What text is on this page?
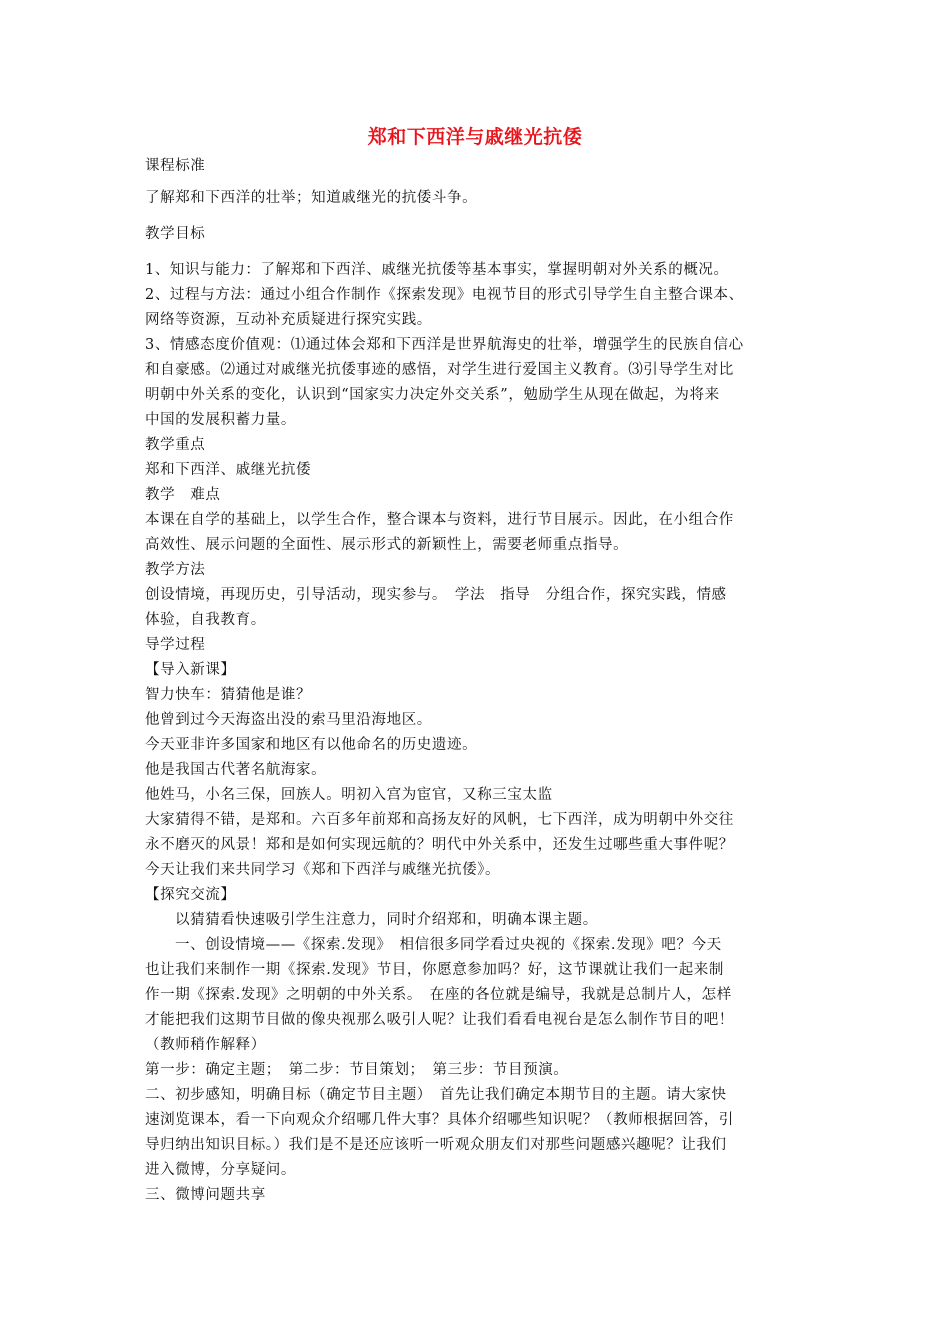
郑和下西洋与戚继光抗倭
课程标准
了解郑和下西洋的壮举；知道戚继光的抗倭斗争。
教学目标
1、知识与能力：了解郑和下西洋、戚继光抗倭等基本事实，掌握明朝对外关系的概况。
2、过程与方法：通过小组合作制作《探索发现》电视节目的形式引导学生自主整合课本、
网络等资源，互动补充质疑进行探究实践。
3、情感态度价值观：⑴通过体会郑和下西洋是世界航海史的壮举，增强学生的民族自信心
和自豪感。⑵通过对戚继光抗倭事迹的感悟，对学生进行爱国主义教育。⑶引导学生对比
明朝中外关系的变化，认识到“国家实力决定外交关系”，勉励学生从现在做起，为将来
中国的发展积蓄力量。
教学重点
郑和下西洋、戚继光抗倭
教学　难点
本课在自学的基础上，以学生合作，整合课本与资料，进行节目展示。因此，在小组合作
高效性、展示问题的全面性、展示形式的新颖性上，需要老师重点指导。
教学方法
创设情境，再现历史，引导活动，现实参与。　学法　指导　分组合作，探究实践，情感
体验，自我教育。
导学过程
【导入新课】
智力快车：猜猜他是谁？
他曾到过今天海盗出没的索马里沿海地区。
今天亚非许多国家和地区有以他命名的历史遗迹。
他是我国古代著名航海家。
他姓马，小名三保，回族人。明初入宫为宦官，又称三宝太监
大家猜得不错，是郑和。六百多年前郑和高扬友好的风帆，七下西洋，成为明朝中外交往
永不磨灭的风景！郑和是如何实现远航的？明代中外关系中，还发生过哪些重大事件呢？
今天让我们来共同学习《郑和下西洋与戚继光抗倭》。
【探究交流】
以猜猜看快速吸引学生注意力，同时介绍郑和，明确本课主题。
一、创设情境——《探索.发现》　相信很多同学看过央视的《探索.发现》吧？今天
也让我们来制作一期《探索.发现》节目，你愿意参加吗？好，这节课就让我们一起来制
作一期《探索.发现》之明朝的中外关系。　在座的各位就是编导，我就是总制片人，怎样
才能把我们这期节目做的像央视那么吸引人呢？让我们看看电视台是怎么制作节目的吧！
（教师稍作解释）
第一步：确定主题；　第二步：节目策划；　第三步：节目预演。
二、初步感知，明确目标（确定节目主题）　首先让我们确定本期节目的主题。请大家快
速浏览课本，看一下向观众介绍哪几件大事？具体介绍哪些知识呢？（教师根据回答，引
导归纳出知识目标。）我们是不是还应该听一听观众朋友们对那些问题感兴趣呢？让我们
进入微博，分享疑问。
三、微博问题共享
